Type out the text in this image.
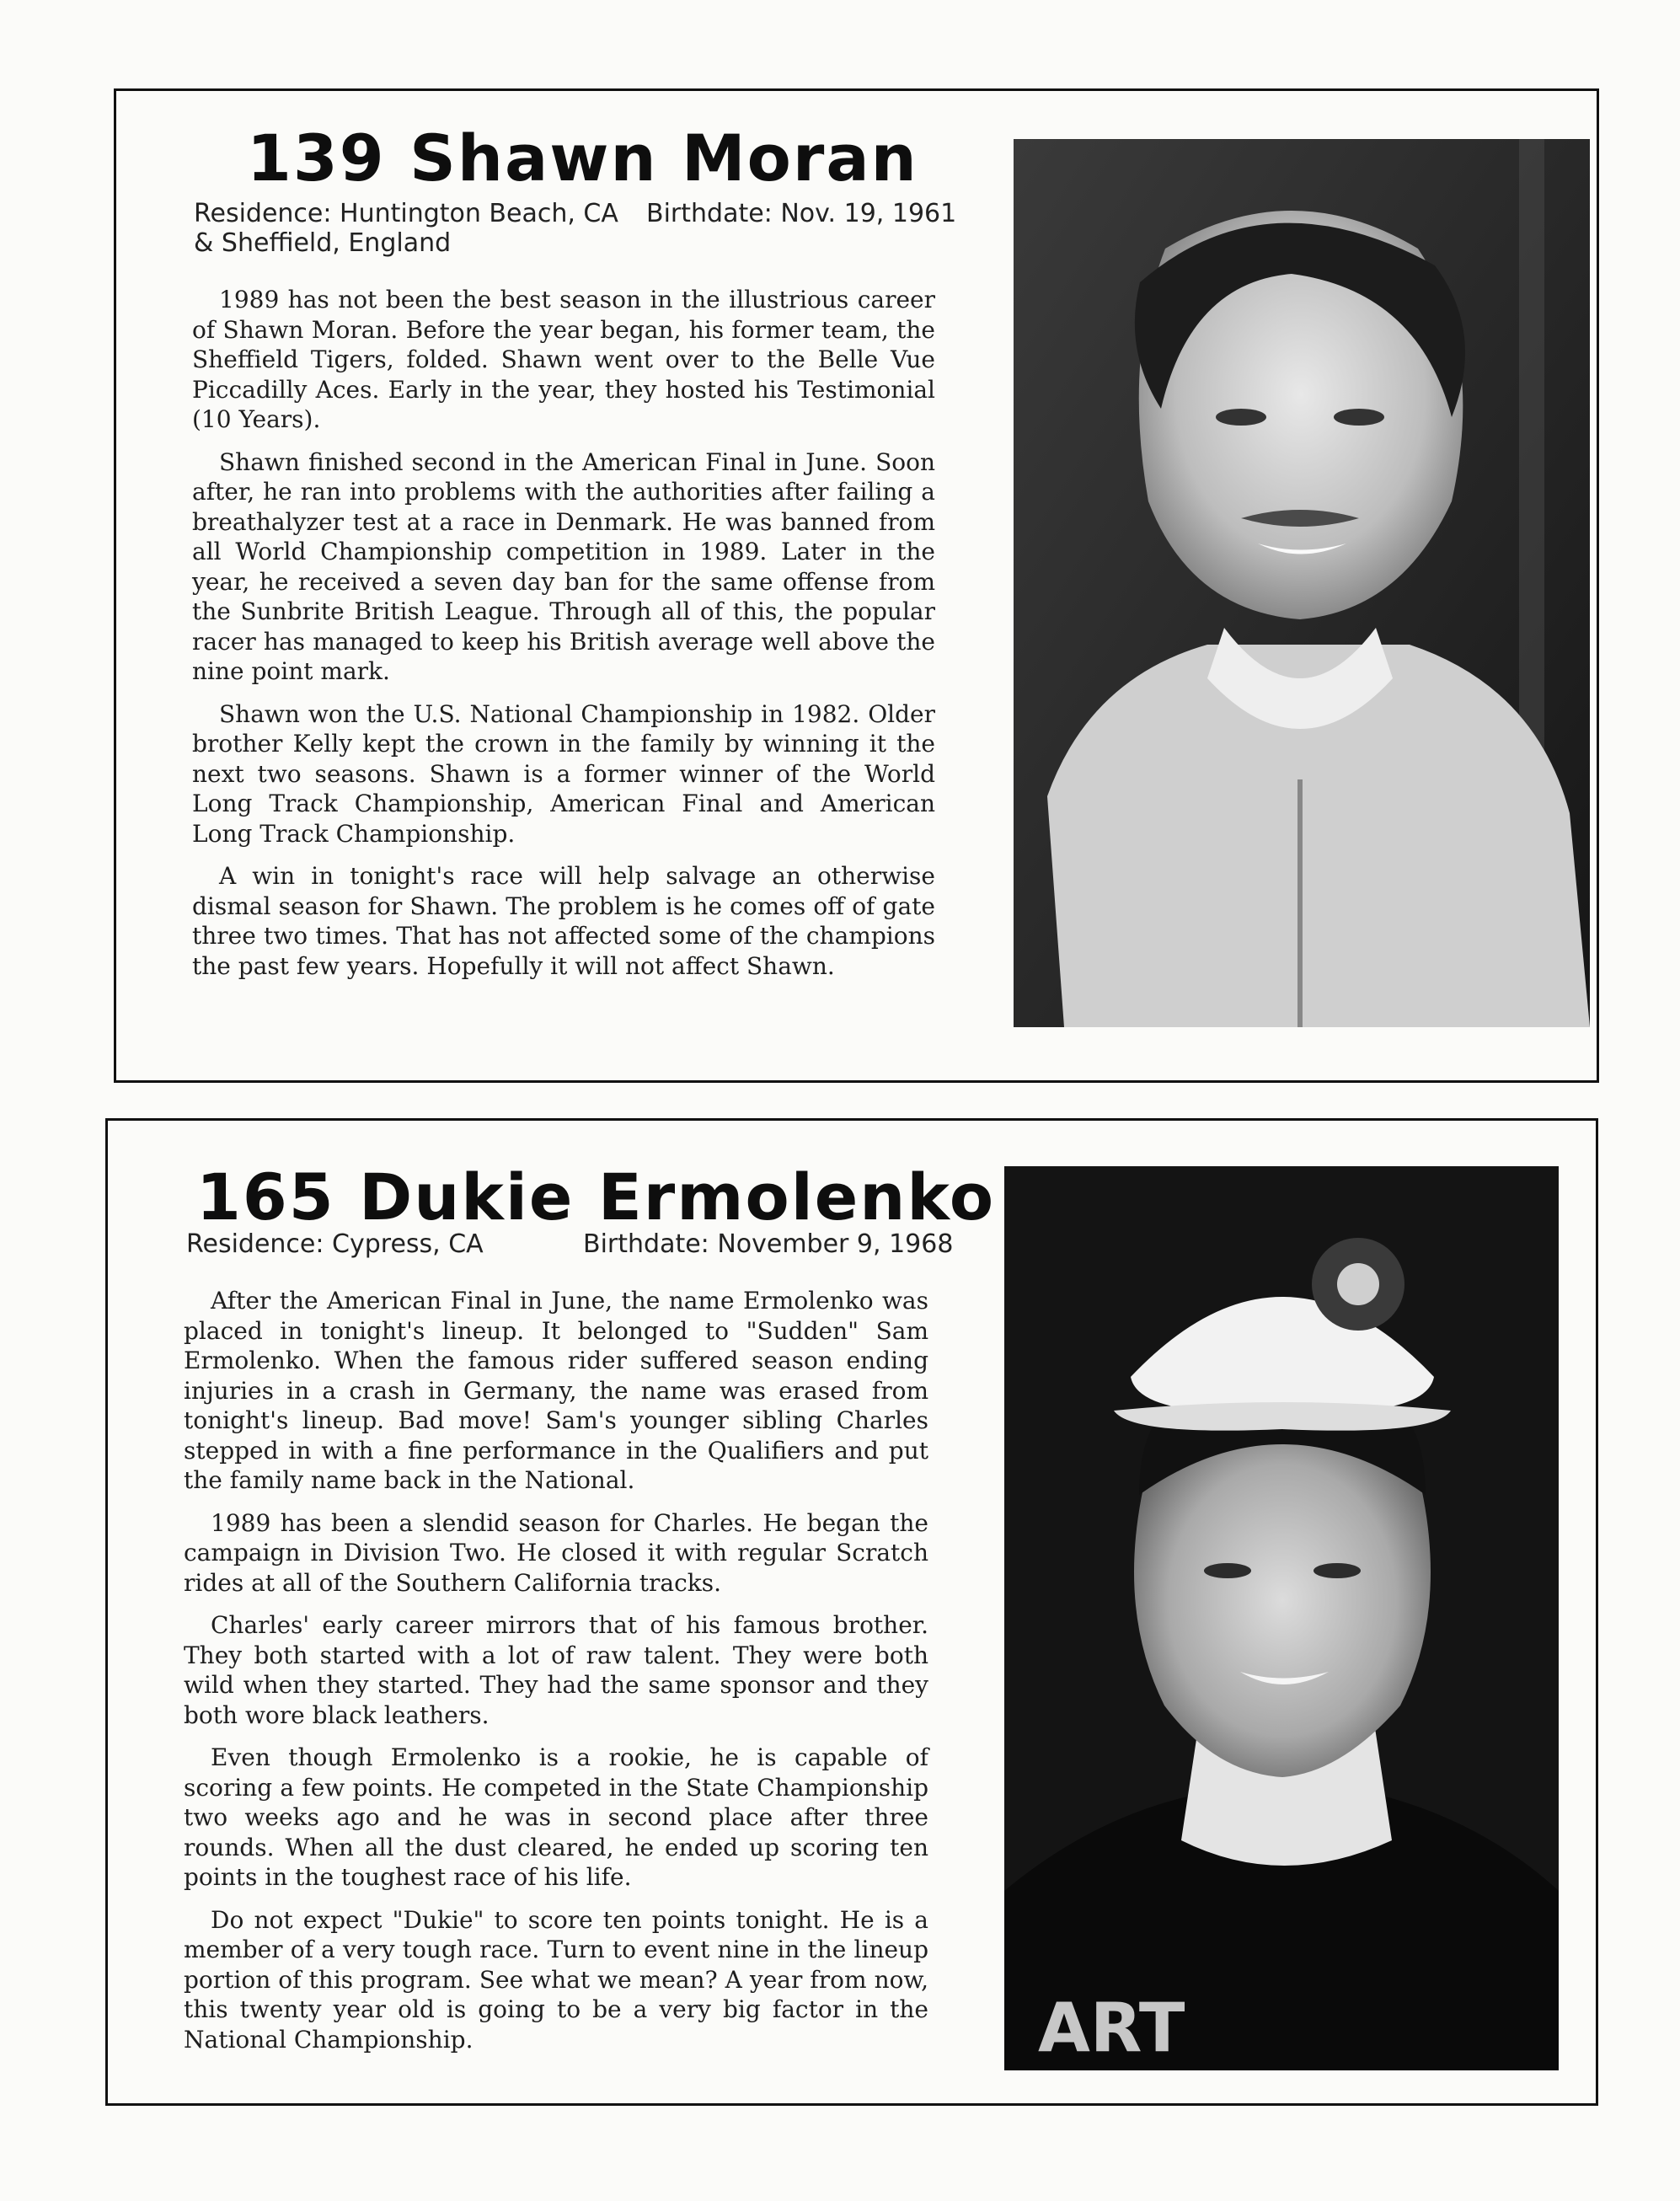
139 Shawn Moran
Residence: Huntington Beach, CA Birthdate: Nov. 19, 1961
& Sheffield, England

1989 has not been the best season in the illustrious career of Shawn Moran. Before the year began, his former team, the Sheffield Tigers, folded. Shawn went over to the Belle Vue Piccadilly Aces. Early in the year, they hosted his Testimonial (10 Years).

Shawn finished second in the American Final in June. Soon after, he ran into problems with the authorities after failing a breathalyzer test at a race in Denmark. He was banned from all World Championship competition in 1989. Later in the year, he received a seven day ban for the same offense from the Sunbrite British League. Through all of this, the popular racer has managed to keep his British average well above the nine point mark.

Shawn won the U.S. National Championship in 1982. Older brother Kelly kept the crown in the family by winning it the next two seasons. Shawn is a former winner of the World Long Track Championship, American Final and American Long Track Championship.

A win in tonight's race will help salvage an otherwise dismal season for Shawn. The problem is he comes off of gate three two times. That has not affected some of the champions the past few years. Hopefully it will not affect Shawn.

165 Dukie Ermolenko
Residence: Cypress, CA	Birthdate: November 9, 1968

After the American Final in June, the name Ermolenko was placed in tonight's lineup. It belonged to "Sudden" Sam Ermolenko. When the famous rider suffered season ending injuries in a crash in Germany, the name was erased from tonight's lineup. Bad move! Sam's younger sibling Charles stepped in with a fine performance in the Qualifiers and put the family name back in the National.

1989 has been a slendid season for Charles. He began the campaign in Division Two. He closed it with regular Scratch rides at all of the Southern California tracks.

Charles' early career mirrors that of his famous brother. They both started with a lot of raw talent. They were both wild when they started. They had the same sponsor and they both wore black leathers.

Even though Ermolenko is a rookie, he is capable of scoring a few points. He competed in the State Championship two weeks ago and he was in second place after three rounds. When all the dust cleared, he ended up scoring ten points in the toughest race of his life.

Do not expect "Dukie" to score ten points tonight. He is a member of a very tough race. Turn to event nine in the lineup portion of this program. See what we mean? A year from now, this twenty year old is going to be a very big factor in the National Championship.	ART
